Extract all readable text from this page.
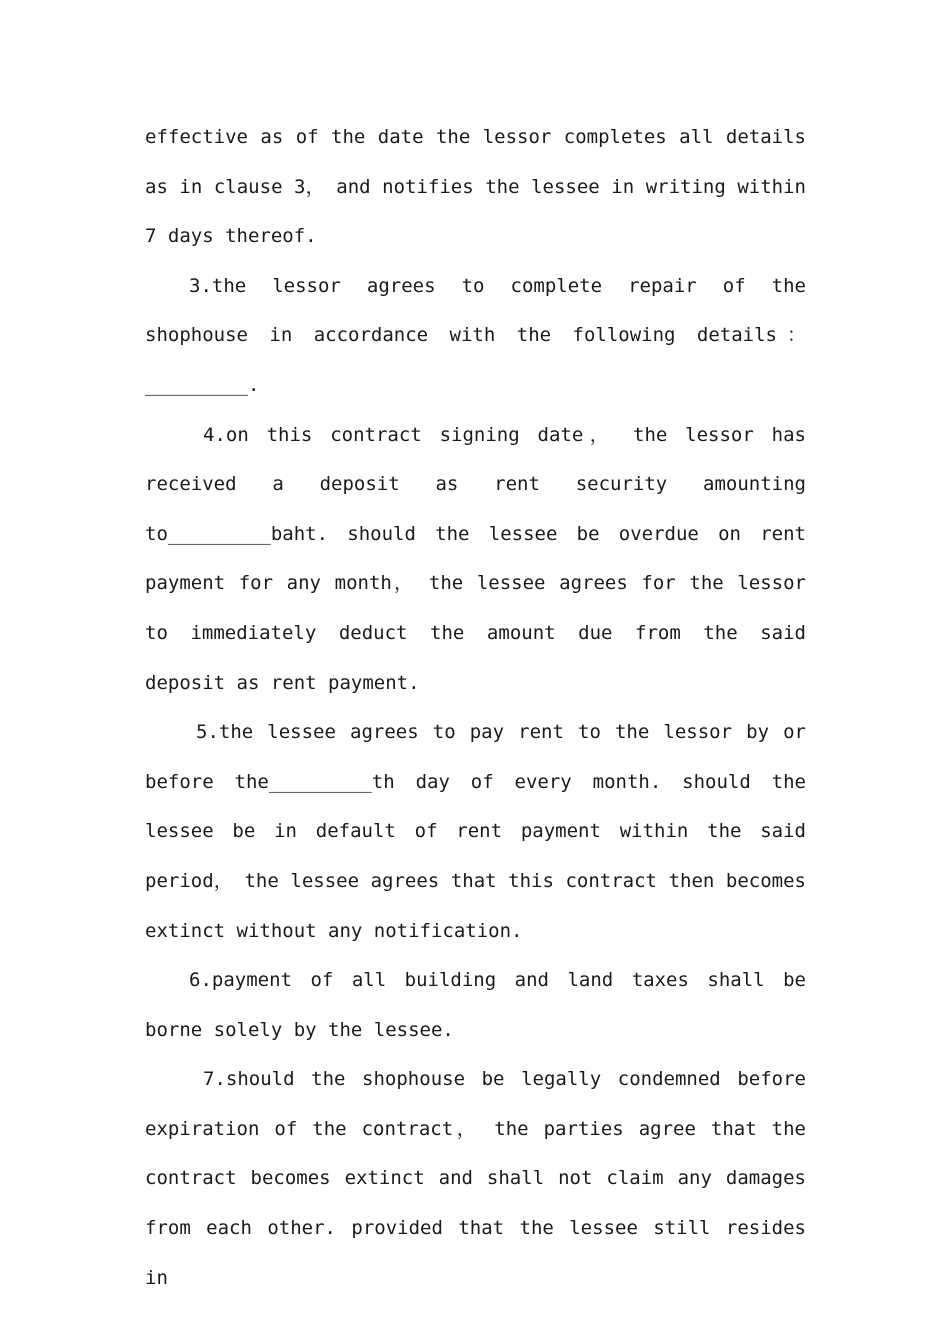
effective as of the date the lessor completes all details as in clause 3， and notifies the lessee in writing within 7 days thereof.

3.the lessor agrees to complete repair of the shophouse in accordance with the following details：_________.

4.on this contract signing date， the lessor has received a deposit as rent security amounting to_________baht. should the lessee be overdue on rent payment for any month， the lessee agrees for the lessor to immediately deduct the amount due from the said deposit as rent payment.

5.the lessee agrees to pay rent to the lessor by or before the_________th day of every month. should the lessee be in default of rent payment within the said period， the lessee agrees that this contract then becomes extinct without any notification.

6.payment of all building and land taxes shall be borne solely by the lessee.

7.should the shophouse be legally condemned before expiration of the contract， the parties agree that the contract becomes extinct and shall not claim any damages from each other. provided that the lessee still resides in
